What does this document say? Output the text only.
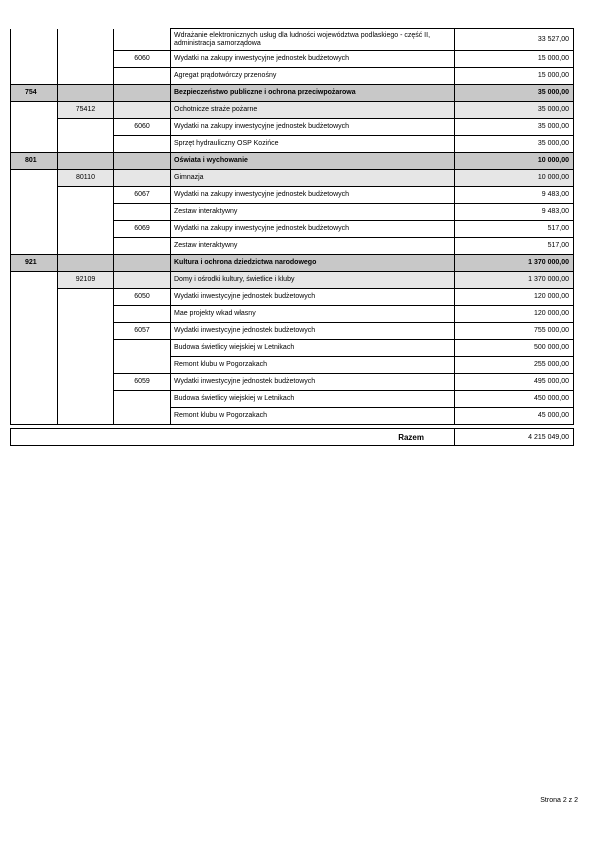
			Wdrażanie elektronicznych usług dla ludności województwa podlaskiego - część II, administracja samorządowa	33 527,00
		6060	Wydatki na zakupy inwestycyjne jednostek budżetowych	15 000,00
			Agregat prądotwórczy przenośny	15 000,00
754			Bezpieczeństwo publiczne i ochrona przeciwpożarowa	35 000,00
	75412		Ochotnicze straże pożarne	35 000,00
		6060	Wydatki na zakupy inwestycyjne jednostek budżetowych	35 000,00
			Sprzęt hydrauliczny OSP Kozińce	35 000,00
801			Oświata i wychowanie	10 000,00
	80110		Gimnazja	10 000,00
		6067	Wydatki na zakupy inwestycyjne jednostek budżetowych	9 483,00
			Zestaw interaktywny	9 483,00
		6069	Wydatki na zakupy inwestycyjne jednostek budżetowych	517,00
			Zestaw interaktywny	517,00
921			Kultura i ochrona dziedzictwa narodowego	1 370 000,00
	92109		Domy i ośrodki kultury, świetlice i kluby	1 370 000,00
		6050	Wydatki inwestycyjne jednostek budżetowych	120 000,00
			Mae projekty wkad własny	120 000,00
		6057	Wydatki inwestycyjne jednostek budżetowych	755 000,00
			Budowa świetlicy wiejskiej w Letnikach	500 000,00
			Remont klubu w Pogorzakach	255 000,00
		6059	Wydatki inwestycyjne jednostek budżetowych	495 000,00
			Budowa świetlicy wiejskiej w Letnikach	450 000,00
			Remont klubu w Pogorzakach	45 000,00
Razem	4 215 049,00
Strona 2 z 2
